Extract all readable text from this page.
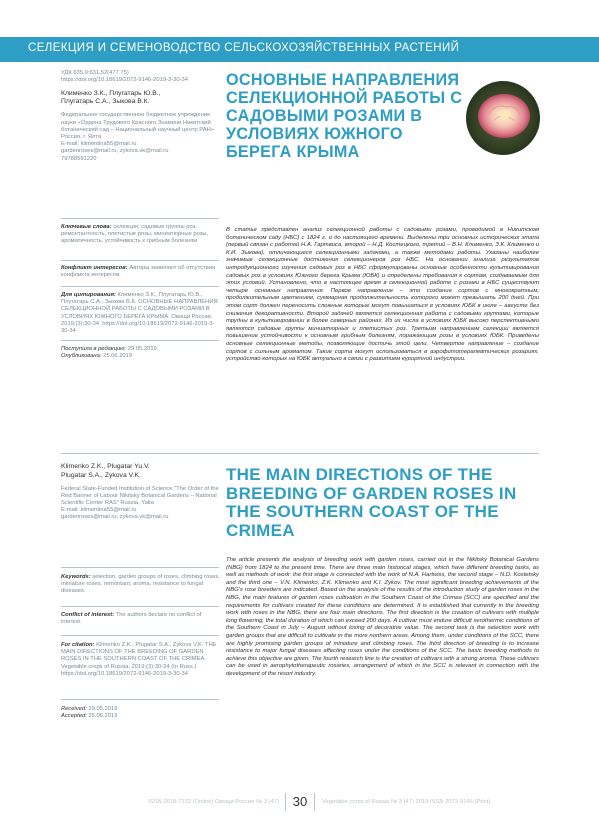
СЕЛЕКЦИЯ И СЕМЕНОВОДСТВО СЕЛЬСКОХОЗЯЙСТВЕННЫХ РАСТЕНИЙ

УДК 635.9:631.52(477.75)
https://doi.org/10.18619/2072-9146-2019-3-30-34

Клименко З.К., Плугатарь Ю.В.,
Плугатарь С.А., Зыкова В.К.

Федеральное государственное бюджетное учреждение науки «Ордена Трудового Красного Знамени Никитский ботанический сад – Национальный научный центр РАН» Россия, г. Ялта
E-mail: klimentina55@mail.ru
gardenroses@mail.ru, zykova.vk@mail.ru
79788591220

Ключевые слова: селекция, садовые группы роз, ремонтантность, плетистые розы, миниатюрные розы, ароматичность, устойчивость к грибным болезням

Конфликт интересов: Авторы заявляют об отсутствии конфликта интересов.

Для цитирования: Клименко З.К., Плугатарь Ю.В., Плугатарь С.А., Зыкова В.К. ОСНОВНЫЕ НАПРАВЛЕНИЯ СЕЛЕКЦИОННОЙ РАБОТЫ С САДОВЫМИ РОЗАМИ В УСЛОВИЯХ ЮЖНОГО БЕРЕГА КРЫМА. Овощи России. 2019;(3):30-34. https://doi.org/10.18619/2072-9146-2019-3-30-34

Поступила в редакцию: 29.05.2019
Опубликована: 25.06.2019
ОСНОВНЫЕ НАПРАВЛЕНИЯ СЕЛЕКЦИОННОЙ РАБОТЫ С САДОВЫМИ РОЗАМИ В УСЛОВИЯХ ЮЖНОГО БЕРЕГА КРЫМА

В статье представлен анализ селекционной работы с садовыми розами, проводимой в Никитском ботаническом саду (НБС) с 1824 г. и до настоящего времени. Выделены три основных исторических этапа (первый связан с работой Н.А. Гартвиса, второй – Н.Д. Костецкого, третий – В.Н. Клименко, З.К. Клименко и К.И. Зыкова), отличающиеся селекционными задачами, а также методами работы. Указаны наиболее значимые селекционные достижения селекционеров роз НБС. На основании анализа результатов интродукционного изучения садовых роз в НБС сформулированы основные особенности культивирования садовых роз в условиях Южного берега Крыма (ЮБК) и определены требования к сортам, создаваемым для этих условий. Установлено, что в настоящее время в селекционной работе с розами в НБС существуют четыре основных направления. Первое направление – это создание сортов с многократным, продолжительным цветением, суммарная продолжительность которого может превышать 200 дней. При этом сорт должен переносить сложные которые могут повышаться в условиях ЮБК в июле – августе без снижения декоративности. Второй задачей является селекционная работа с садовыми группами, которые трудны в культивировании в более северных районах. Из их числа в условиях ЮБК высоко перспективными являются садовые группы миниатюрных и плетистых роз. Третьим направлением селекции является повышение устойчивости к основным грибным болезням, поражающим розы в условиях ЮБК. Приведены основные селекционные методы, позволяющие достичь этой цели. Четвертое направление – создание сортов с сильным ароматом. Такие сорта могут использоваться в аэрофитотерапевтических розариях, устройство которых на ЮБК актуально в связи с развитием курортной индустрии.

Klimenko Z.K., Plugatar Yu.V.
Plugatar S.A., Zykova V.K.

Federal State-Funded Institution of Science "The Order of the Red Banner of Labour Nikitsky Botanical Gardens – National Scientific Center RAS" Russia, Yalta
E-mail: klimentina55@mail.ru
gardenroses@mail.ru, zykova.vk@mail.ru

Keywords: selection, garden groups of roses, climbing roses, miniature roses, remontant, aroma, resistance to fungal diseases.

Conflict of interest: The authors declare no conflict of interest.

For citation: Klimenko Z.K., Plugatar S.A., Zykova V.K. THE MAIN DIRECTIONS OF THE BREEDING OF GARDEN ROSES IN THE SOUTHERN COAST OF THE CRIMEA. Vegetable crops of Russia. 2019;(3):30-34 (In Russ.) https://doi.org/10.18619/2072-9146-2019-3-30-34

Received: 29.05.2019
Accepted: 25.06.2019
THE MAIN DIRECTIONS OF THE BREEDING OF GARDEN ROSES IN THE SOUTHERN COAST OF THE CRIMEA

The article presents the analysis of breeding work with garden roses, carried out in the Nikitsky Botanical Gardens (NBG) from 1824 to the present time. There are three main historical stages, which have different breeding tasks, as well as methods of work: the first stage is connected with the work of N.A. Hartwiss, the second stage – N.D. Kostetsky and the third one – V.N. Klimenko, Z.K. Klimenko and K.I. Zykov. The most significant breeding achievements of the NBG's rose breeders are indicated. Based on the analysis of the results of the introduction study of garden roses in the NBG, the main features of garden roses cultivation in the Southern Coast of the Crimea (SCC) are specified and the requirements for cultivars created for these conditions are determined. It is established that currently in the breeding work with roses in the NBG, there are four main directions. The first direction is the creation of cultivars with multiple long flowering, the total duration of which can exceed 200 days. A cultivar must endure difficult xerothermic conditions of the Southern Coast in July – August without losing of decorative value. The second task is the selection work with garden groups that are difficult to cultivate in the more northern areas. Among them, under conditions of the SCC, there are highly promising garden groups of miniature and climbing roses. The third direction of breeding is to increase resistance to major fungal diseases affecting roses under the conditions of the SCC. The basic breeding methods to achieve this objective are given. The fourth research line is the creation of cultivars with a strong aroma. These cultivars can be used in aerophytotherapeutic rosaries, arrangement of which in the SCC is relevant in connection with the development of the resort industry.

ISSN 2618-7132 (Online) Овощи России № 3 (47)	30	Vegetable crops of Russia № 3 (47) 2019 ISSN 2072-9146 (Print)
